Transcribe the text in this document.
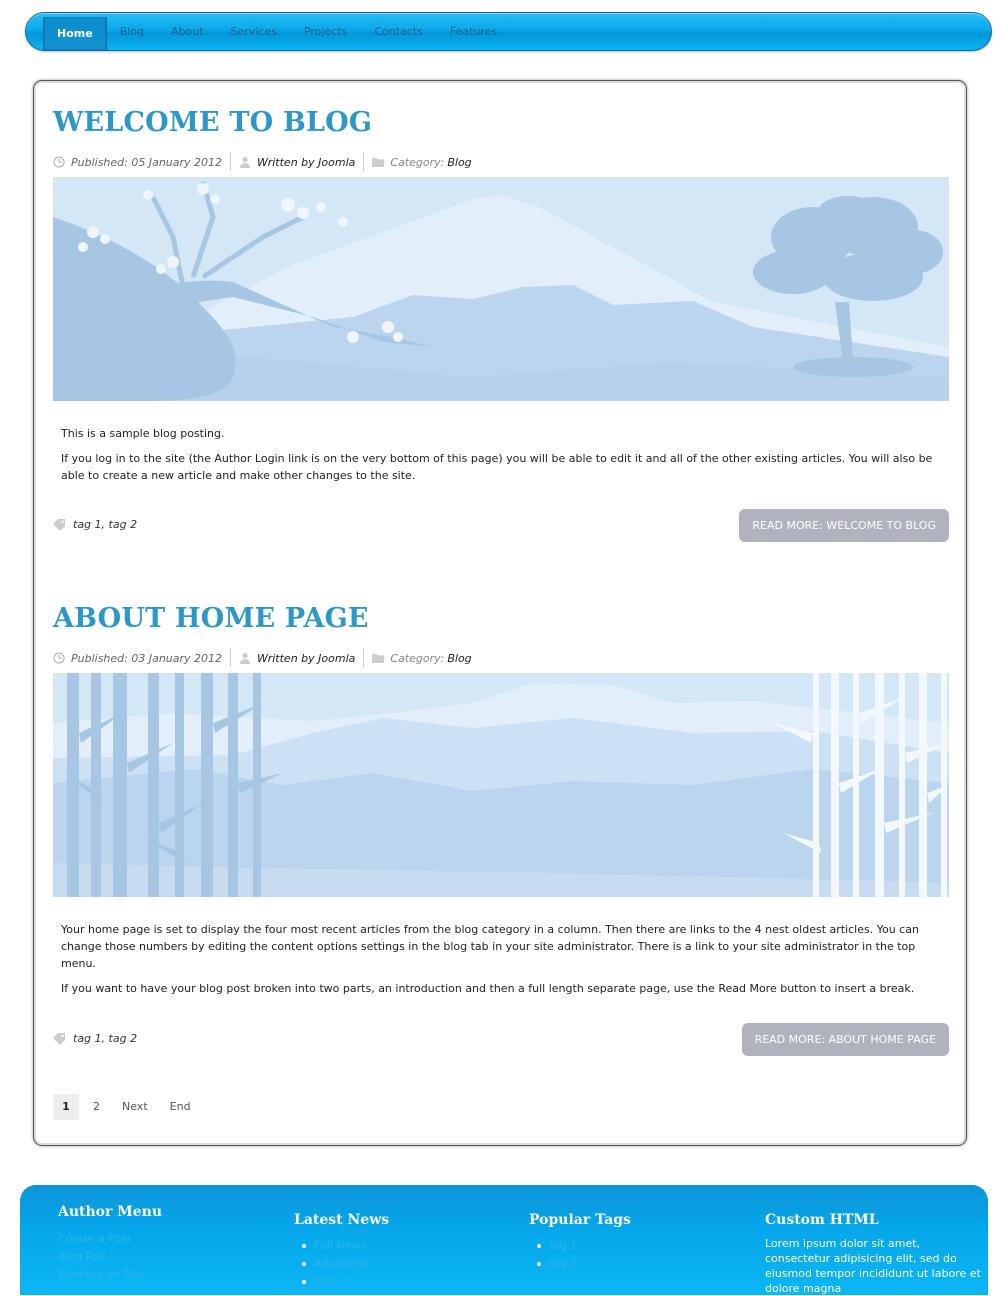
Home	Blog	About	Services	Projects	Contacts	Features
WELCOME TO BLOG
Published: 05 January 2012	Written by Joomla	Category: Blog

This is a sample blog posting.

If you log in to the site (the Author Login link is on the very bottom of this page) you will be able to edit it and all of the other existing articles. You will also be able to create a new article and make other changes to the site.

tag 1 , tag 2	READ MORE: WELCOME TO BLOG
ABOUT HOME PAGE
Published: 03 January 2012	Written by Joomla	Category: Blog

Your home page is set to display the four most recent articles from the blog category in a column. Then there are links to the 4 nest oldest articles. You can change those numbers by editing the content options settings in the blog tab in your site administrator. There is a link to your site administrator in the top menu.

If you want to have your blog post broken into two parts, an introduction and then a full length separate page, use the Read More button to insert a break.

tag 1 , tag 2	READ MORE: ABOUT HOME PAGE
1	2	Next	End
Author Menu
Create a Post
Blog Roll
Working on Site
Latest News
Full News
Additional
Item 3
Popular Tags
tag 1
tag 2
Custom HTML

Lorem ipsum dolor sit amet, consectetur adipisicing elit, sed do eiusmod tempor incididunt ut labore et dolore magna
